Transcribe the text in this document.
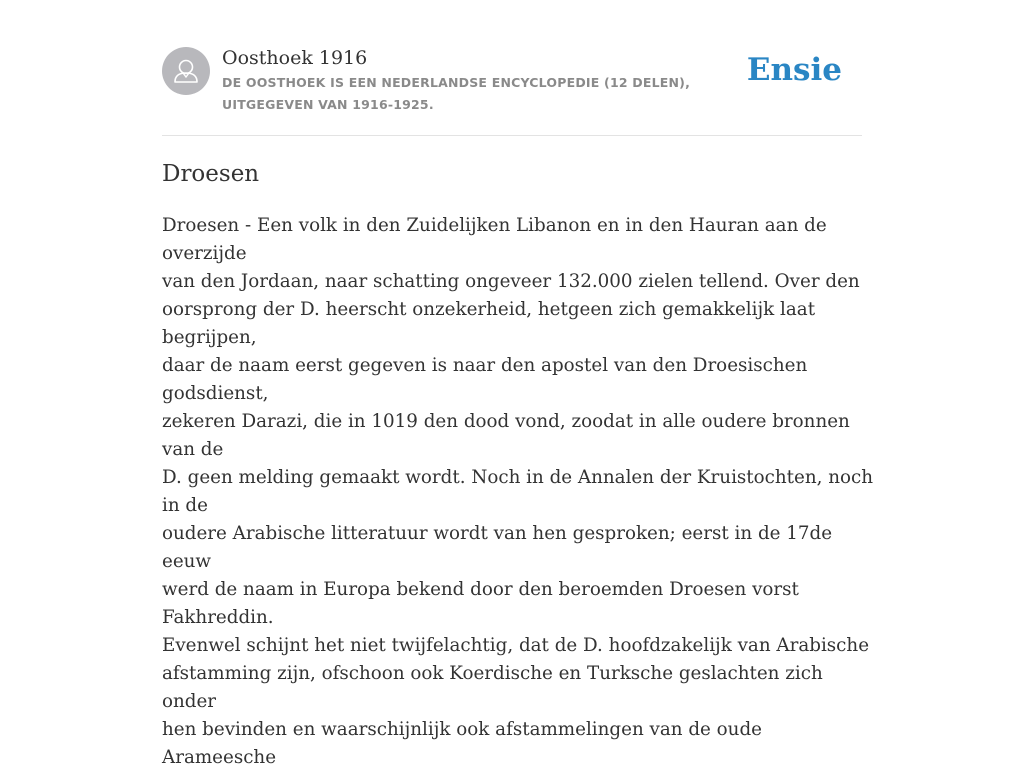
Oosthoek 1916
DE OOSTHOEK IS EEN NEDERLANDSE ENCYCLOPEDIE (12 DELEN), UITGEGEVEN VAN 1916-1925.
Ensie
Droesen
Droesen - Een volk in den Zuidelijken Libanon en in den Hauran aan de overzijde
van den Jordaan, naar schatting ongeveer 132.000 zielen tellend. Over den
oorsprong der D. heerscht onzekerheid, hetgeen zich gemakkelijk laat begrijpen,
daar de naam eerst gegeven is naar den apostel van den Droesischen godsdienst,
zekeren Darazi, die in 1019 den dood vond, zoodat in alle oudere bronnen van de
D. geen melding gemaakt wordt. Noch in de Annalen der Kruistochten, noch in de
oudere Arabische litteratuur wordt van hen gesproken; eerst in de 17de eeuw
werd de naam in Europa bekend door den beroemden Droesen vorst Fakhreddin.
Evenwel schijnt het niet twijfelachtig, dat de D. hoofdzakelijk van Arabische
afstamming zijn, ofschoon ook Koerdische en Turksche geslachten zich onder
hen bevinden en waarschijnlijk ook afstammelingen van de oude Arameesche
